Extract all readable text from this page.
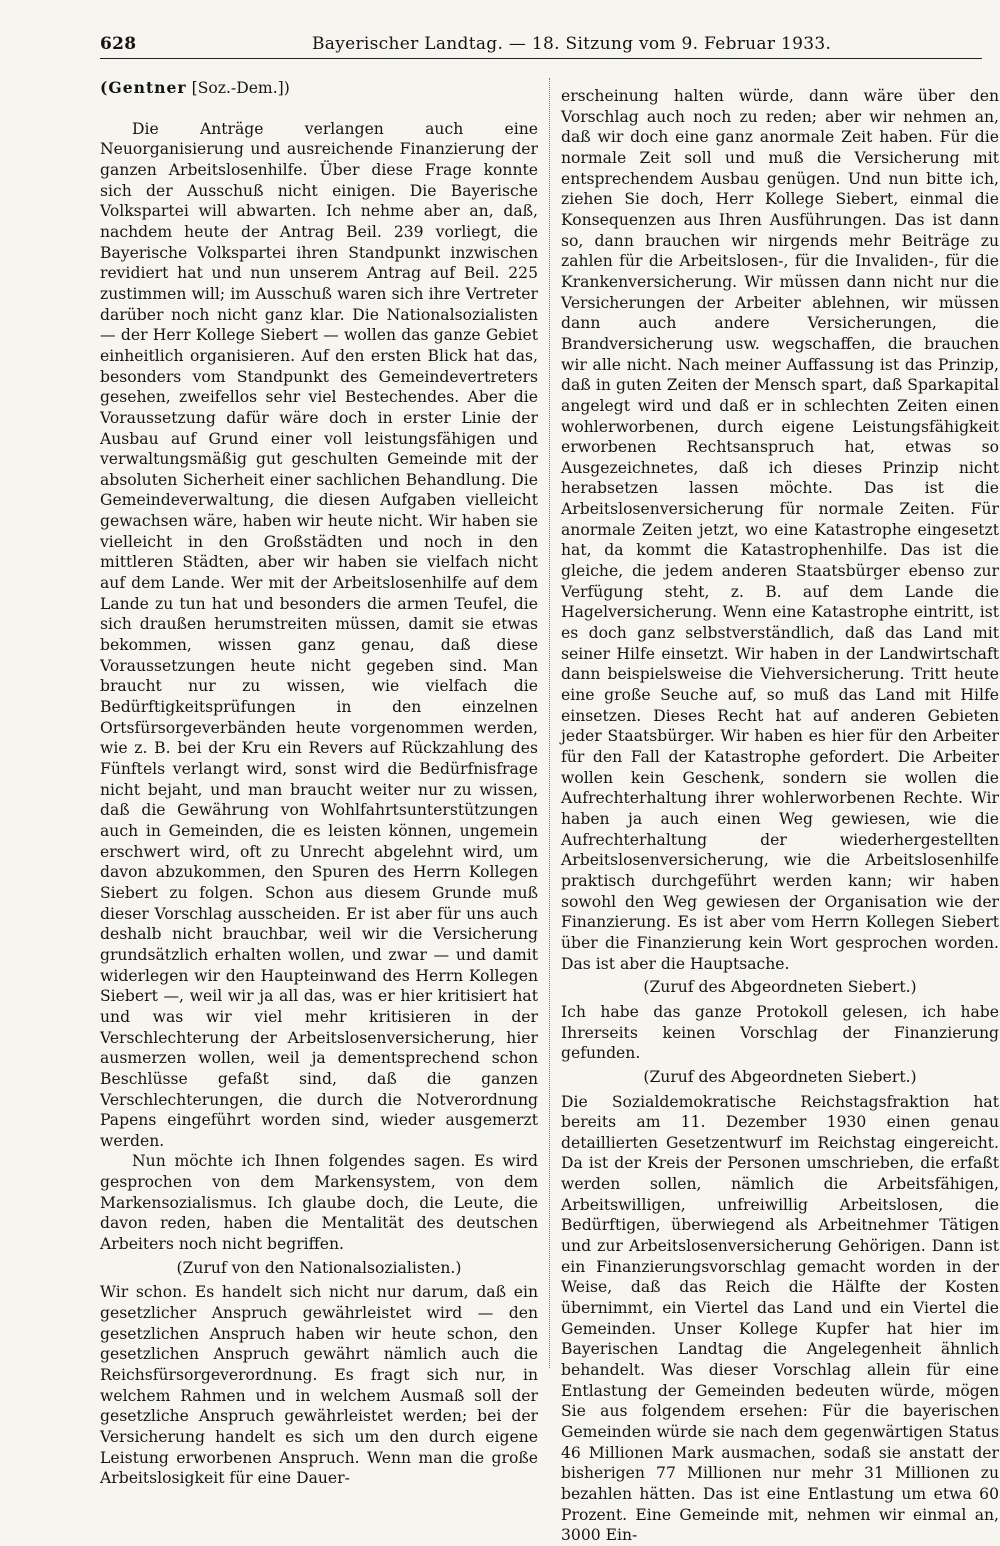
628	Bayerischer Landtag. — 18. Sitzung vom 9. Februar 1933.

(Gentner [Soz.-Dem.])

Die Anträge verlangen auch eine Neuorganisierung und ausreichende Finanzierung der ganzen Arbeitslosenhilfe. Über diese Frage konnte sich der Ausschuß nicht einigen. Die Bayerische Volkspartei will abwarten. Ich nehme aber an, daß, nachdem heute der Antrag Beil. 239 vorliegt, die Bayerische Volkspartei ihren Standpunkt inzwischen revidiert hat und nun unserem Antrag auf Beil. 225 zustimmen will; im Ausschuß waren sich ihre Vertreter darüber noch nicht ganz klar. Die Nationalsozialisten — der Herr Kollege Siebert — wollen das ganze Gebiet einheitlich organisieren. Auf den ersten Blick hat das, besonders vom Standpunkt des Gemeindevertreters gesehen, zweifellos sehr viel Bestechendes. Aber die Voraussetzung dafür wäre doch in erster Linie der Ausbau auf Grund einer voll leistungsfähigen und verwaltungsmäßig gut geschulten Gemeinde mit der absoluten Sicherheit einer sachlichen Behandlung. Die Gemeindeverwaltung, die diesen Aufgaben vielleicht gewachsen wäre, haben wir heute nicht. Wir haben sie vielleicht in den Großstädten und noch in den mittleren Städten, aber wir haben sie vielfach nicht auf dem Lande. Wer mit der Arbeitslosenhilfe auf dem Lande zu tun hat und besonders die armen Teufel, die sich draußen herumstreiten müssen, damit sie etwas bekommen, wissen ganz genau, daß diese Voraussetzungen heute nicht gegeben sind. Man braucht nur zu wissen, wie vielfach die Bedürftigkeitsprüfungen in den einzelnen Ortsfürsorgeverbänden heute vorgenommen werden, wie z. B. bei der Kru ein Revers auf Rückzahlung des Fünftels verlangt wird, sonst wird die Bedürfnisfrage nicht bejaht, und man braucht weiter nur zu wissen, daß die Gewährung von Wohlfahrtsunterstützungen auch in Gemeinden, die es leisten können, ungemein erschwert wird, oft zu Unrecht abgelehnt wird, um davon abzukommen, den Spuren des Herrn Kollegen Siebert zu folgen. Schon aus diesem Grunde muß dieser Vorschlag ausscheiden. Er ist aber für uns auch deshalb nicht brauchbar, weil wir die Versicherung grundsätzlich erhalten wollen, und zwar — und damit widerlegen wir den Haupteinwand des Herrn Kollegen Siebert —, weil wir ja all das, was er hier kritisiert hat und was wir viel mehr kritisieren in der Verschlechterung der Arbeitslosenversicherung, hier ausmerzen wollen, weil ja dementsprechend schon Beschlüsse gefaßt sind, daß die ganzen Verschlechterungen, die durch die Notverordnung Papens eingeführt worden sind, wieder ausgemerzt werden.

Nun möchte ich Ihnen folgendes sagen. Es wird gesprochen von dem Markensystem, von dem Markensozialismus. Ich glaube doch, die Leute, die davon reden, haben die Mentalität des deutschen Arbeiters noch nicht begriffen.

(Zuruf von den Nationalsozialisten.)

Wir schon. Es handelt sich nicht nur darum, daß ein gesetzlicher Anspruch gewährleistet wird — den gesetzlichen Anspruch haben wir heute schon, den gesetzlichen Anspruch gewährt nämlich auch die Reichsfürsorgeverordnung. Es fragt sich nur, in welchem Rahmen und in welchem Ausmaß soll der gesetzliche Anspruch gewährleistet werden; bei der Versicherung handelt es sich um den durch eigene Leistung erworbenen Anspruch. Wenn man die große Arbeitslosigkeit für eine Dauer-

erscheinung halten würde, dann wäre über den Vorschlag auch noch zu reden; aber wir nehmen an, daß wir doch eine ganz anormale Zeit haben. Für die normale Zeit soll und muß die Versicherung mit entsprechendem Ausbau genügen. Und nun bitte ich, ziehen Sie doch, Herr Kollege Siebert, einmal die Konsequenzen aus Ihren Ausführungen. Das ist dann so, dann brauchen wir nirgends mehr Beiträge zu zahlen für die Arbeitslosen-, für die Invaliden-, für die Krankenversicherung. Wir müssen dann nicht nur die Versicherungen der Arbeiter ablehnen, wir müssen dann auch andere Versicherungen, die Brandversicherung usw. wegschaffen, die brauchen wir alle nicht. Nach meiner Auffassung ist das Prinzip, daß in guten Zeiten der Mensch spart, daß Sparkapital angelegt wird und daß er in schlechten Zeiten einen wohlerworbenen, durch eigene Leistungsfähigkeit erworbenen Rechtsanspruch hat, etwas so Ausgezeichnetes, daß ich dieses Prinzip nicht herabsetzen lassen möchte. Das ist die Arbeitslosenversicherung für normale Zeiten. Für anormale Zeiten jetzt, wo eine Katastrophe eingesetzt hat, da kommt die Katastrophenhilfe. Das ist die gleiche, die jedem anderen Staatsbürger ebenso zur Verfügung steht, z. B. auf dem Lande die Hagelversicherung. Wenn eine Katastrophe eintritt, ist es doch ganz selbstverständlich, daß das Land mit seiner Hilfe einsetzt. Wir haben in der Landwirtschaft dann beispielsweise die Viehversicherung. Tritt heute eine große Seuche auf, so muß das Land mit Hilfe einsetzen. Dieses Recht hat auf anderen Gebieten jeder Staatsbürger. Wir haben es hier für den Arbeiter für den Fall der Katastrophe gefordert. Die Arbeiter wollen kein Geschenk, sondern sie wollen die Aufrechterhaltung ihrer wohlerworbenen Rechte. Wir haben ja auch einen Weg gewiesen, wie die Aufrechterhaltung der wiederhergestellten Arbeitslosenversicherung, wie die Arbeitslosenhilfe praktisch durchgeführt werden kann; wir haben sowohl den Weg gewiesen der Organisation wie der Finanzierung. Es ist aber vom Herrn Kollegen Siebert über die Finanzierung kein Wort gesprochen worden. Das ist aber die Hauptsache.

(Zuruf des Abgeordneten Siebert.)

Ich habe das ganze Protokoll gelesen, ich habe Ihrerseits keinen Vorschlag der Finanzierung gefunden.

(Zuruf des Abgeordneten Siebert.)

Die Sozialdemokratische Reichstagsfraktion hat bereits am 11. Dezember 1930 einen genau detaillierten Gesetzentwurf im Reichstag eingereicht. Da ist der Kreis der Personen umschrieben, die erfaßt werden sollen, nämlich die Arbeitsfähigen, Arbeitswilligen, unfreiwillig Arbeitslosen, die Bedürftigen, überwiegend als Arbeitnehmer Tätigen und zur Arbeitslosenversicherung Gehörigen. Dann ist ein Finanzierungsvorschlag gemacht worden in der Weise, daß das Reich die Hälfte der Kosten übernimmt, ein Viertel das Land und ein Viertel die Gemeinden. Unser Kollege Kupfer hat hier im Bayerischen Landtag die Angelegenheit ähnlich behandelt. Was dieser Vorschlag allein für eine Entlastung der Gemeinden bedeuten würde, mögen Sie aus folgendem ersehen: Für die bayerischen Gemeinden würde sie nach dem gegenwärtigen Status 46 Millionen Mark ausmachen, sodaß sie anstatt der bisherigen 77 Millionen nur mehr 31 Millionen zu bezahlen hätten. Das ist eine Entlastung um etwa 60 Prozent. Eine Gemeinde mit, nehmen wir einmal an, 3000 Ein-
